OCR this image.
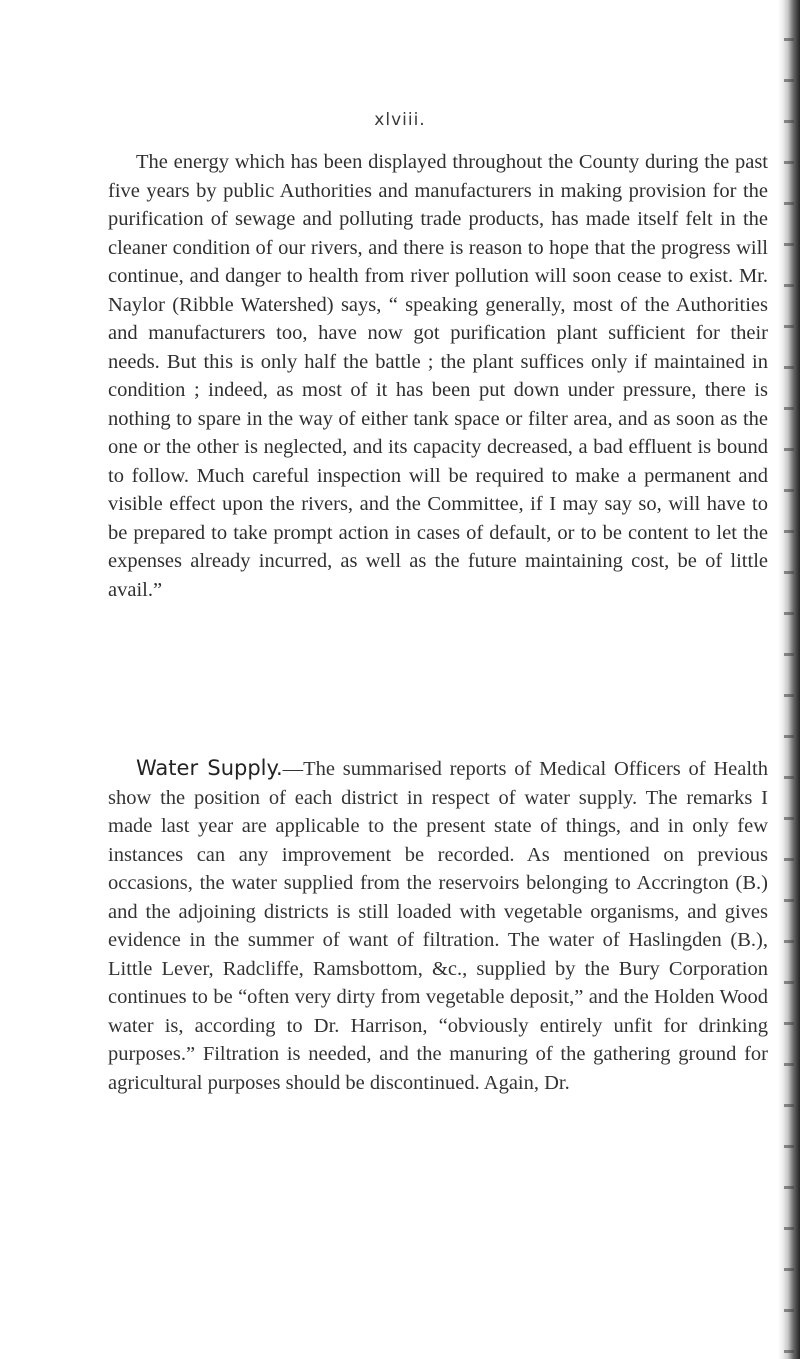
xlviii.

The energy which has been displayed throughout the County during the past five years by public Authorities and manufacturers in making provision for the purification of sewage and polluting trade products, has made itself felt in the cleaner condition of our rivers, and there is reason to hope that the progress will continue, and danger to health from river pollution will soon cease to exist. Mr. Naylor (Ribble Watershed) says, “ speaking generally, most of the Authorities and manufacturers too, have now got purification plant sufficient for their needs. But this is only half the battle ; the plant suffices only if maintained in condition ; indeed, as most of it has been put down under pressure, there is nothing to spare in the way of either tank space or filter area, and as soon as the one or the other is neglected, and its capacity decreased, a bad effluent is bound to follow. Much careful inspection will be required to make a permanent and visible effect upon the rivers, and the Committee, if I may say so, will have to be prepared to take prompt action in cases of default, or to be content to let the expenses already incurred, as well as the future maintaining cost, be of little avail.”

Water Supply.—The summarised reports of Medical Officers of Health show the position of each district in respect of water supply. The remarks I made last year are applicable to the present state of things, and in only few instances can any improvement be recorded. As mentioned on previous occasions, the water supplied from the reservoirs belonging to Accrington (B.) and the adjoining districts is still loaded with vegetable organisms, and gives evidence in the summer of want of filtration. The water of Haslingden (B.), Little Lever, Radcliffe, Ramsbottom, &c., supplied by the Bury Corporation continues to be “often very dirty from vegetable deposit,” and the Holden Wood water is, according to Dr. Harrison, “obviously entirely unfit for drinking purposes.” Filtration is needed, and the manuring of the gathering ground for agricultural purposes should be discontinued. Again, Dr.
